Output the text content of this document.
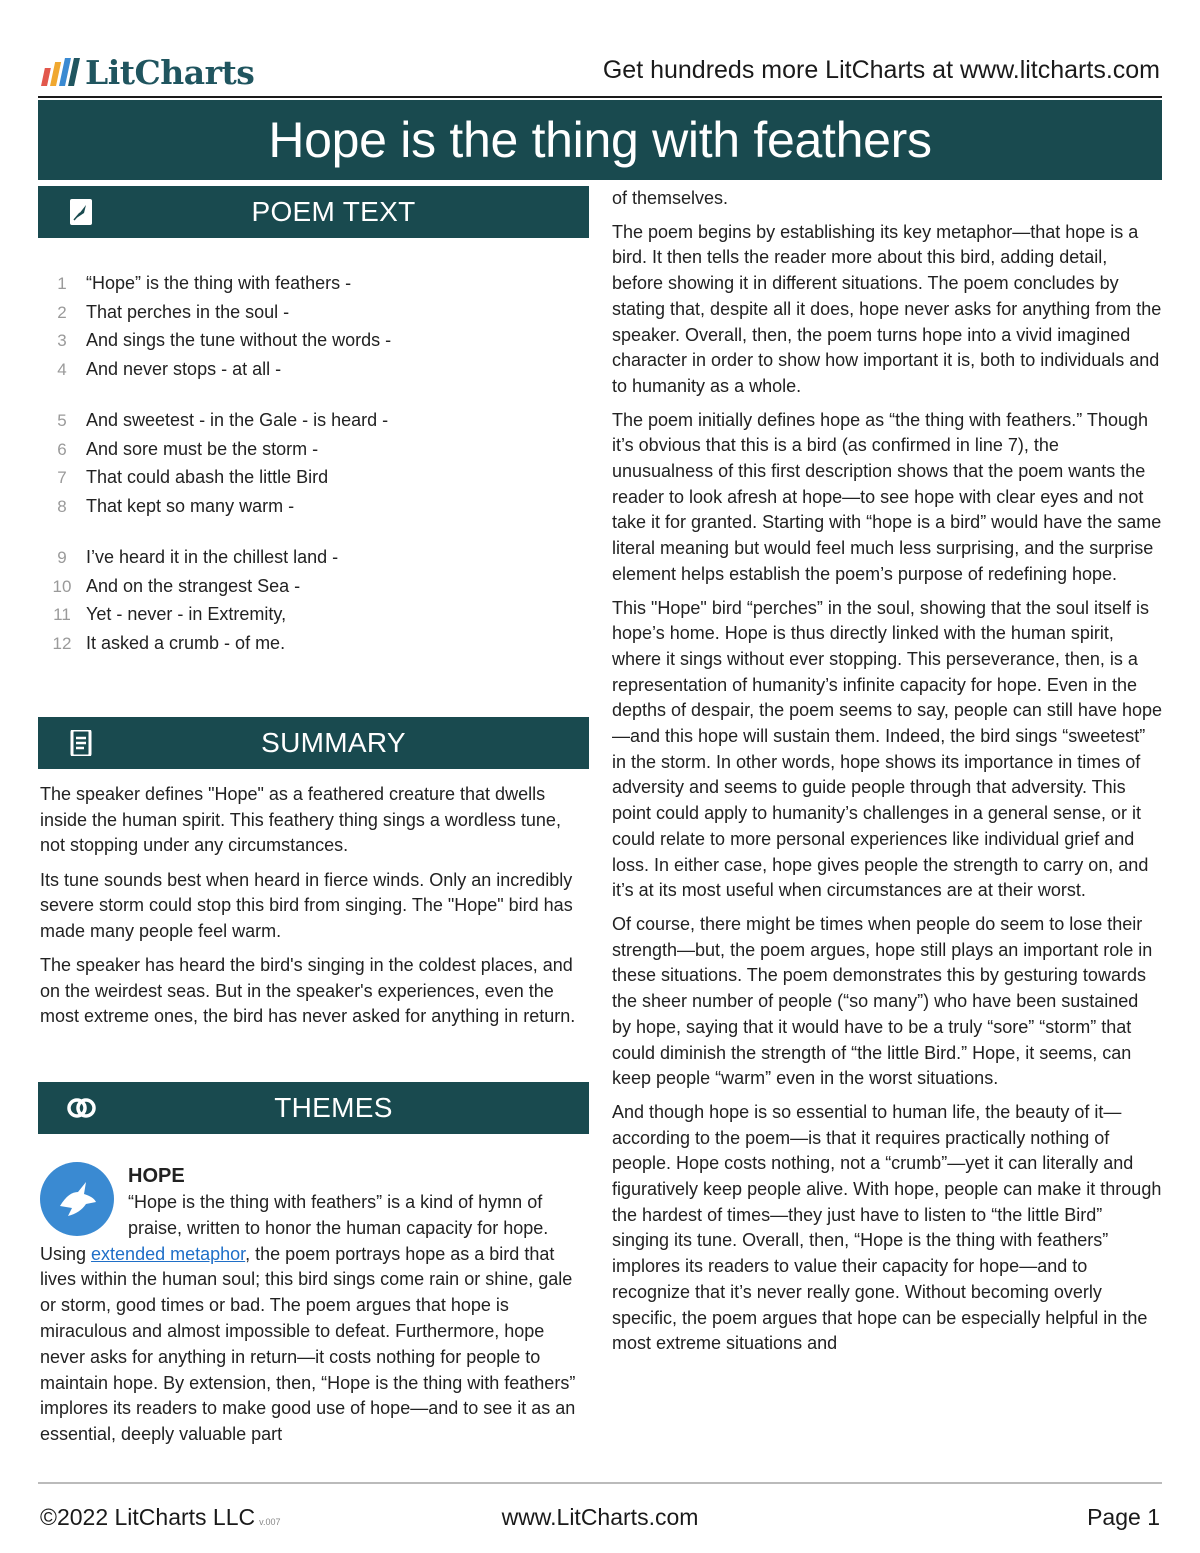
LitCharts	Get hundreds more LitCharts at www.litcharts.com
Hope is the thing with feathers
POEM TEXT
1	“Hope” is the thing with feathers -
2	That perches in the soul -
3	And sings the tune without the words -
4	And never stops - at all -
5	And sweetest - in the Gale - is heard -
6	And sore must be the storm -
7	That could abash the little Bird
8	That kept so many warm -
9	I’ve heard it in the chillest land -
10 And on the strangest Sea -
11 Yet - never - in Extremity,
12 It asked a crumb - of me.
SUMMARY

The speaker defines "Hope" as a feathered creature that dwells inside the human spirit. This feathery thing sings a wordless tune, not stopping under any circumstances.

Its tune sounds best when heard in fierce winds. Only an incredibly severe storm could stop this bird from singing. The "Hope" bird has made many people feel warm.

The speaker has heard the bird's singing in the coldest places, and on the weirdest seas. But in the speaker's experiences, even the most extreme ones, the bird has never asked for anything in return.

THEMES
HOPE
“Hope is the thing with feathers” is a kind of hymn of praise, written to honor the human capacity for hope. Using extended metaphor, the poem portrays hope as a bird that lives within the human soul; this bird sings come rain or shine, gale or storm, good times or bad. The poem argues that hope is miraculous and almost impossible to defeat. Furthermore, hope never asks for anything in return—it costs nothing for people to maintain hope. By extension, then, “Hope is the thing with feathers” implores its readers to make good use of hope—and to see it as an essential, deeply valuable part

of themselves.

The poem begins by establishing its key metaphor—that hope is a bird. It then tells the reader more about this bird, adding detail, before showing it in different situations. The poem concludes by stating that, despite all it does, hope never asks for anything from the speaker. Overall, then, the poem turns hope into a vivid imagined character in order to show how important it is, both to individuals and to humanity as a whole.

The poem initially defines hope as “the thing with feathers.” Though it’s obvious that this is a bird (as confirmed in line 7), the unusualness of this first description shows that the poem wants the reader to look afresh at hope—to see hope with clear eyes and not take it for granted. Starting with “hope is a bird” would have the same literal meaning but would feel much less surprising, and the surprise element helps establish the poem’s purpose of redefining hope.

This "Hope" bird “perches” in the soul, showing that the soul itself is hope’s home. Hope is thus directly linked with the human spirit, where it sings without ever stopping. This perseverance, then, is a representation of humanity’s infinite capacity for hope. Even in the depths of despair, the poem seems to say, people can still have hope—and this hope will sustain them. Indeed, the bird sings “sweetest” in the storm. In other words, hope shows its importance in times of adversity and seems to guide people through that adversity. This point could apply to humanity’s challenges in a general sense, or it could relate to more personal experiences like individual grief and loss. In either case, hope gives people the strength to carry on, and it’s at its most useful when circumstances are at their worst.

Of course, there might be times when people do seem to lose their strength—but, the poem argues, hope still plays an important role in these situations. The poem demonstrates this by gesturing towards the sheer number of people (“so many”) who have been sustained by hope, saying that it would have to be a truly “sore” “storm” that could diminish the strength of “the little Bird.” Hope, it seems, can keep people “warm” even in the worst situations.

And though hope is so essential to human life, the beauty of it—according to the poem—is that it requires practically nothing of people. Hope costs nothing, not a “crumb”—yet it can literally and figuratively keep people alive. With hope, people can make it through the hardest of times—they just have to listen to “the little Bird” singing its tune. Overall, then, “Hope is the thing with feathers” implores its readers to value their capacity for hope—and to recognize that it’s never really gone. Without becoming overly specific, the poem argues that hope can be especially helpful in the most extreme situations and

©2022 LitCharts LLC v.007	www.LitCharts.com	Page 1
